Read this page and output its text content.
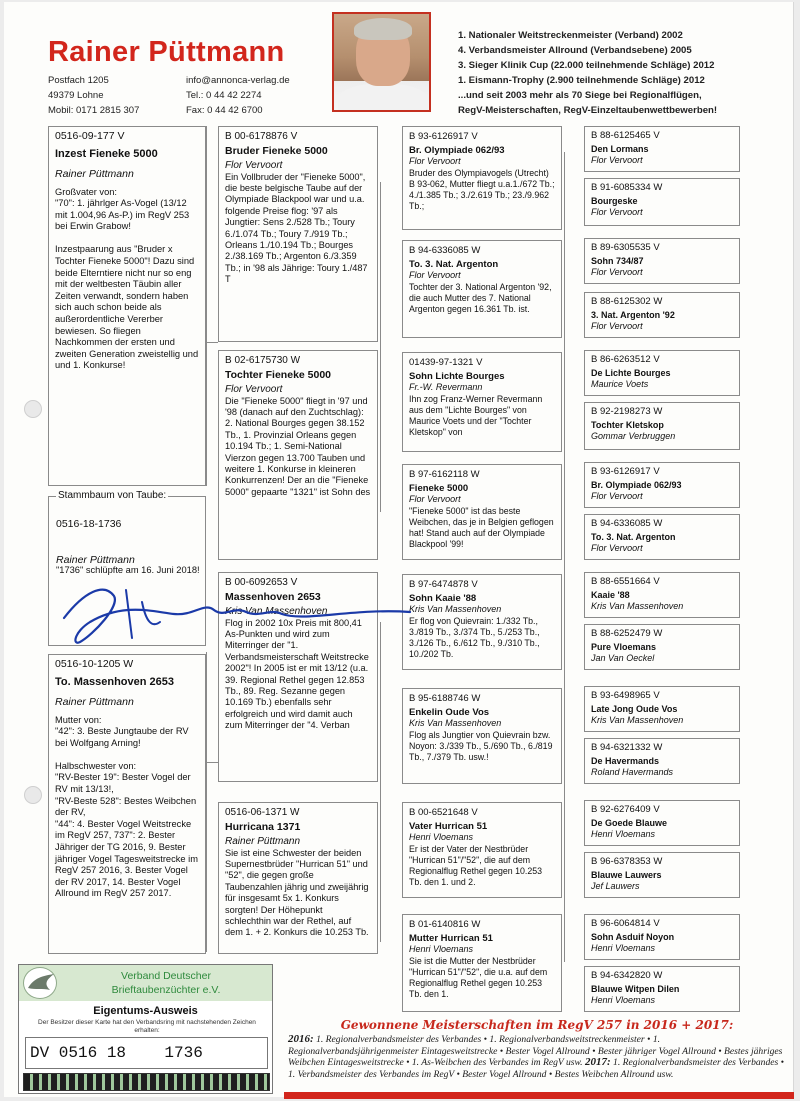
Rainer Püttmann
Postfach 1205
49379 Lohne
Mobil: 0171 2815 307
info@annonca-verlag.de
Tel.: 0 44 42 2274
Fax: 0 44 42 6700
1. Nationaler Weitstreckenmeister (Verband) 2002
4. Verbandsmeister Allround (Verbandsebene) 2005
3. Sieger Klinik Cup (22.000 teilnehmende Schläge) 2012
1. Eismann-Trophy (2.900 teilnehmende Schläge) 2012
...und seit 2003 mehr als 70 Siege bei Regionalflügen,
RegV-Meisterschaften, RegV-Einzeltaubenwettbewerben!
0516-09-177 V
Inzest Fieneke 5000
Rainer Püttmann
Großvater von:
"70": 1. jährlger As-Vogel (13/12 mit 1.004,96 As-P.) im RegV 253 bei Erwin Grabow!

Inzestpaarung aus "Bruder x Tochter Fieneke 5000"! Dazu sind beide Elterntiere nicht nur so eng mit der weltbesten Täubin aller Zeiten verwandt, sondern haben sich auch schon beide als außerordentliche Vererber bewiesen. So fliegen Nachkommen der ersten und zweiten Generation zweistellig und und 1. Konkurse!
Stammbaum von Taube:
0516-18-1736
Rainer Püttmann
"1736" schlüpfte am 16. Juni 2018!
0516-10-1205 W
To. Massenhoven 2653
Rainer Püttmann
Mutter von:
"42": 3. Beste Jungtaube der RV bei Wolfgang Arning!

Halbschwester von:
"RV-Bester 19": Bester Vogel der RV mit 13/13!,
"RV-Beste 528": Bestes Weibchen der RV,
"44": 4. Bester Vogel Weitstrecke im RegV 257, 737": 2. Bester Jähriger der TG 2016, 9. Bester jähriger Vogel Tagesweitstrecke im RegV 257 2016, 3. Bester Vogel der RV 2017, 14. Bester Vogel Allround im RegV 257 2017.
B 00-6178876 V
Bruder Fieneke 5000
Flor Vervoort
Ein Vollbruder der "Fieneke 5000", die beste belgische Taube auf der Olympiade Blackpool war und u.a. folgende Preise flog: '97 als Jungtier: Sens 2./528 Tb.; Toury 6./1.074 Tb.; Toury 7./919 Tb.; Orleans 1./10.194 Tb.; Bourges 2./38.169 Tb.; Argenton 6./3.359 Tb.; in '98 als Jährige: Toury 1./487 T
B 02-6175730 W
Tochter Fieneke 5000
Flor Vervoort
Die "Fieneke 5000" fliegt in '97 und '98 (danach auf den Zuchtschlag): 2. National Bourges gegen 38.152 Tb., 1. Provinzial Orleans gegen 10.194 Tb.; 1. Semi-National Vierzon gegen 13.700 Tauben und weitere 1. Konkurse in kleineren Konkurrenzen! Der an die "Fieneke 5000" gepaarte "1321" ist Sohn des
B 00-6092653 V
Massenhoven 2653
Kris Van Massenhoven
Flog in 2002 10x Preis mit 800,41 As-Punkten und wird zum Miterringer der "1. Verbandsmeisterschaft Weitstrecke 2002"! In 2005 ist er mit 13/12 (u.a. 39. Regional Rethel gegen 12.853 Tb., 89. Reg. Sezanne gegen 10.169 Tb.) ebenfalls sehr erfolgreich und wird damit auch zum Miterringer der "4. Verban
0516-06-1371 W
Hurricana 1371
Rainer Püttmann
Sie ist eine Schwester der beiden Supernestbrüder "Hurrican 51" und "52", die gegen große Taubenzahlen jährig und zweijährig für insgesamt 5x 1. Konkurs sorgten! Der Höhepunkt schlechthin war der Rethel, auf dem 1. + 2. Konkurs die 10.253 Tb.
B 93-6126917 V
Br. Olympiade 062/93
Flor Vervoort
Bruder des Olympiavogels (Utrecht) B 93-062, Mutter fliegt u.a.1./672 Tb.; 4./1.385 Tb.; 3./2.619 Tb.; 23./9.962 Tb.;
B 94-6336085 W
To. 3. Nat. Argenton
Flor Vervoort
Tochter der 3. National Argenton '92, die auch Mutter des 7. National Argenton gegen 16.361 Tb. ist.
01439-97-1321 V
Sohn Lichte Bourges
Fr.-W. Revermann
Ihn zog Franz-Werner Revermann aus dem "Lichte Bourges" von Maurice Voets und der "Tochter Kletskop" von
B 97-6162118 W
Fieneke 5000
Flor Vervoort
"Fieneke 5000" ist das beste Weibchen, das je in Belgien geflogen hat! Stand auch auf der Olympiade Blackpool '99!
B 97-6474878 V
Sohn Kaaie '88
Kris Van Massenhoven
Er flog von Quievrain: 1./332 Tb., 3./819 Tb., 3./374 Tb., 5./253 Tb., 3./126 Tb., 6./612 Tb., 9./310 Tb., 10./202 Tb.
B 95-6188746 W
Enkelin Oude Vos
Kris Van Massenhoven
Flog als Jungtier von Quievrain bzw. Noyon: 3./339 Tb., 5./690 Tb., 6./819 Tb., 7./379 Tb. usw.!
B 00-6521648 V
Vater Hurrican 51
Henri Vloemans
Er ist der Vater der Nestbrüder "Hurrican 51"/"52", die auf dem Regionalflug Rethel gegen 10.253 Tb. den 1. und 2.
B 01-6140816 W
Mutter Hurrican 51
Henri Vloemans
Sie ist die Mutter der Nestbrüder "Hurrican 51"/"52", die u.a. auf dem Regionalflug Rethel gegen 10.253 Tb. den 1.
B 88-6125465 V
Den Lormans
Flor Vervoort
B 91-6085334 W
Bourgeske
Flor Vervoort
B 89-6305535 V
Sohn 734/87
Flor Vervoort
B 88-6125302 W
3. Nat. Argenton '92
Flor Vervoort
B 86-6263512 V
De Lichte Bourges
Maurice Voets
B 92-2198273 W
Tochter Kletskop
Gommar Verbruggen
B 93-6126917 V
Br. Olympiade 062/93
Flor Vervoort
B 94-6336085 W
To. 3. Nat. Argenton
Flor Vervoort
B 88-6551664 V
Kaaie '88
Kris Van Massenhoven
B 88-6252479 W
Pure Vloemans
Jan Van Oeckel
B 93-6498965 V
Late Jong Oude Vos
Kris Van Massenhoven
B 94-6321332 W
De Havermands
Roland Havermands
B 92-6276409 V
De Goede Blauwe
Henri Vloemans
B 96-6378353 W
Blauwe Lauwers
Jef Lauwers
B 96-6064814 V
Sohn Asduif Noyon
Henri Vloemans
B 94-6342820 W
Blauwe Witpen Dilen
Henri Vloemans
Verband Deutscher
Brieftaubenzüchter e.V.
Eigentums-Ausweis
Der Besitzer dieser Karte hat den Verbandsring mit nachstehenden Zeichen erhalten:
DV 0516 18    1736
Gewonnene Meisterschaften im RegV 257 in 2016 + 2017:
2016: 1. Regionalverbandsmeister des Verbandes • 1. Regionalverbandsweitstreckenmeister • 1. Regionalverbandsjährigenmeister Eintagesweitstrecke • Bester Vogel Allround • Bester jähriger Vogel Allround • Bestes jähriges Weibchen Eintagesweitstrecke • 1. As-Weibchen des Verbandes im RegV usw. 2017: 1. Regionalverbandsmeister des Verbandes • 1. Verbandsmeister des Verbandes im RegV • Bester Vogel Allround • Bestes Weibchen Allround usw.
